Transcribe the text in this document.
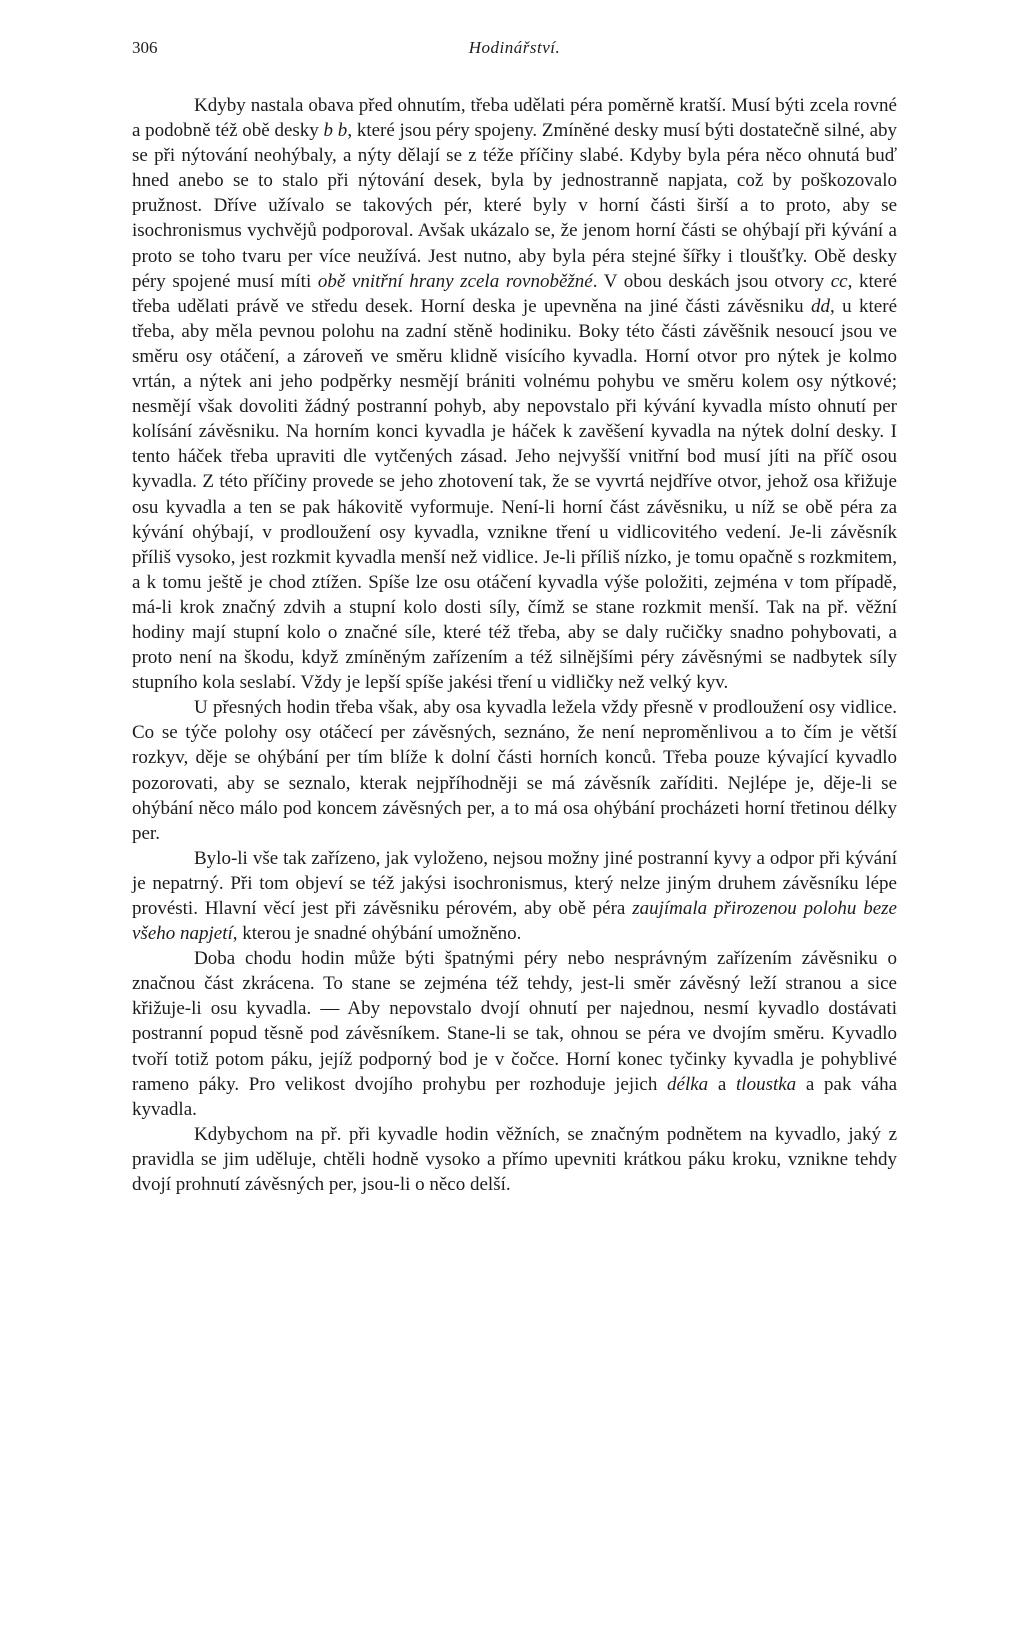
306	Hodinářství.

Kdyby nastala obava před ohnutím, třeba udělati péra poměrně kratší. Musí býti zcela rovné a podobně též obě desky b b, které jsou péry spojeny. Zmíněné desky musí býti dostatečně silné, aby se při nýtování neohýbaly, a nýty dělají se z téže příčiny slabé. Kdyby byla péra něco ohnutá buď hned anebo se to stalo při nýtování desek, byla by jednostranně napjata, což by poškozovalo pružnost. Dříve užívalo se takových pér, které byly v horní části širší a to proto, aby se isochronismus vychvějů podporoval. Avšak ukázalo se, že jenom horní části se ohýbají při kývání a proto se toho tvaru per více neužívá. Jest nutno, aby byla péra stejné šířky i tloušťky. Obě desky péry spojené musí míti obě vnitřní hrany zcela rovnoběžné. V obou deskách jsou otvory cc, které třeba udělati právě ve středu desek. Horní deska je upevněna na jiné části závěsniku dd, u které třeba, aby měla pevnou polohu na zadní stěně hodiniku. Boky této části závěšnik nesoucí jsou ve směru osy otáčení, a zároveň ve směru klidně visícího kyvadla. Horní otvor pro nýtek je kolmo vrtán, a nýtek ani jeho podpěrky nesmějí brániti volnému pohybu ve směru kolem osy nýtkové; nesmějí však dovoliti žádný postranní pohyb, aby nepovstalo při kývání kyvadla místo ohnutí per kolísání závěsniku. Na horním konci kyvadla je háček k zavěšení kyvadla na nýtek dolní desky. I tento háček třeba upraviti dle vytčených zásad. Jeho nejvyšší vnitřní bod musí jíti na příč osou kyvadla. Z této příčiny provede se jeho zhotovení tak, že se vyvrtá nejdříve otvor, jehož osa křižuje osu kyvadla a ten se pak hákovitě vyformuje. Není-li horní část závěsniku, u níž se obě péra za kývání ohýbají, v prodloužení osy kyvadla, vznikne tření u vidlicovitého vedení. Je-li závěsník příliš vysoko, jest rozkmit kyvadla menší než vidlice. Je-li příliš nízko, je tomu opačně s rozkmitem, a k tomu ještě je chod ztížen. Spíše lze osu otáčení kyvadla výše položiti, zejména v tom případě, má-li krok značný zdvih a stupní kolo dosti síly, čímž se stane rozkmit menší. Tak na př. věžní hodiny mají stupní kolo o značné síle, které též třeba, aby se daly ručičky snadno pohybovati, a proto není na škodu, když zmíněným zařízením a též silnějšími péry závěsnými se nadbytek síly stupního kola seslabí. Vždy je lepší spíše jakési tření u vidličky než velký kyv.

U přesných hodin třeba však, aby osa kyvadla ležela vždy přesně v prodloužení osy vidlice. Co se týče polohy osy otáčecí per závěsných, seznáno, že není neproměnlivou a to čím je větší rozkyv, děje se ohýbání per tím blíže k dolní části horních konců. Třeba pouze kývající kyvadlo pozorovati, aby se seznalo, kterak nejpříhodněji se má závěsník zaříditi. Nejlépe je, děje-li se ohýbání něco málo pod koncem závěsných per, a to má osa ohýbání procházeti horní třetinou délky per.

Bylo-li vše tak zařízeno, jak vyloženo, nejsou možny jiné postranní kyvy a odpor při kývání je nepatrný. Při tom objeví se též jakýsi isochronismus, který nelze jiným druhem závěsníku lépe provésti. Hlavní věcí jest při závěsniku pérovém, aby obě péra zaujímala přirozenou polohu beze všeho napjetí, kterou je snadné ohýbání umožněno.

Doba chodu hodin může býti špatnými péry nebo nesprávným zařízením závěsniku o značnou část zkrácena. To stane se zejména též tehdy, jest-li směr závěsný leží stranou a sice křižuje-li osu kyvadla. — Aby nepovstalo dvojí ohnutí per najednou, nesmí kyvadlo dostávati postranní popud těsně pod závěsníkem. Stane-li se tak, ohnou se péra ve dvojím směru. Kyvadlo tvoří totiž potom páku, jejíž podporný bod je v čočce. Horní konec tyčinky kyvadla je pohyblivé rameno páky. Pro velikost dvojího prohybu per rozhoduje jejich délka a tloustka a pak váha kyvadla.

Kdybychom na př. při kyvadle hodin věžních, se značným podnětem na kyvadlo, jaký z pravidla se jim uděluje, chtěli hodně vysoko a přímo upevniti krátkou páku kroku, vznikne tehdy dvojí prohnutí závěsných per, jsou-li o něco delší.
